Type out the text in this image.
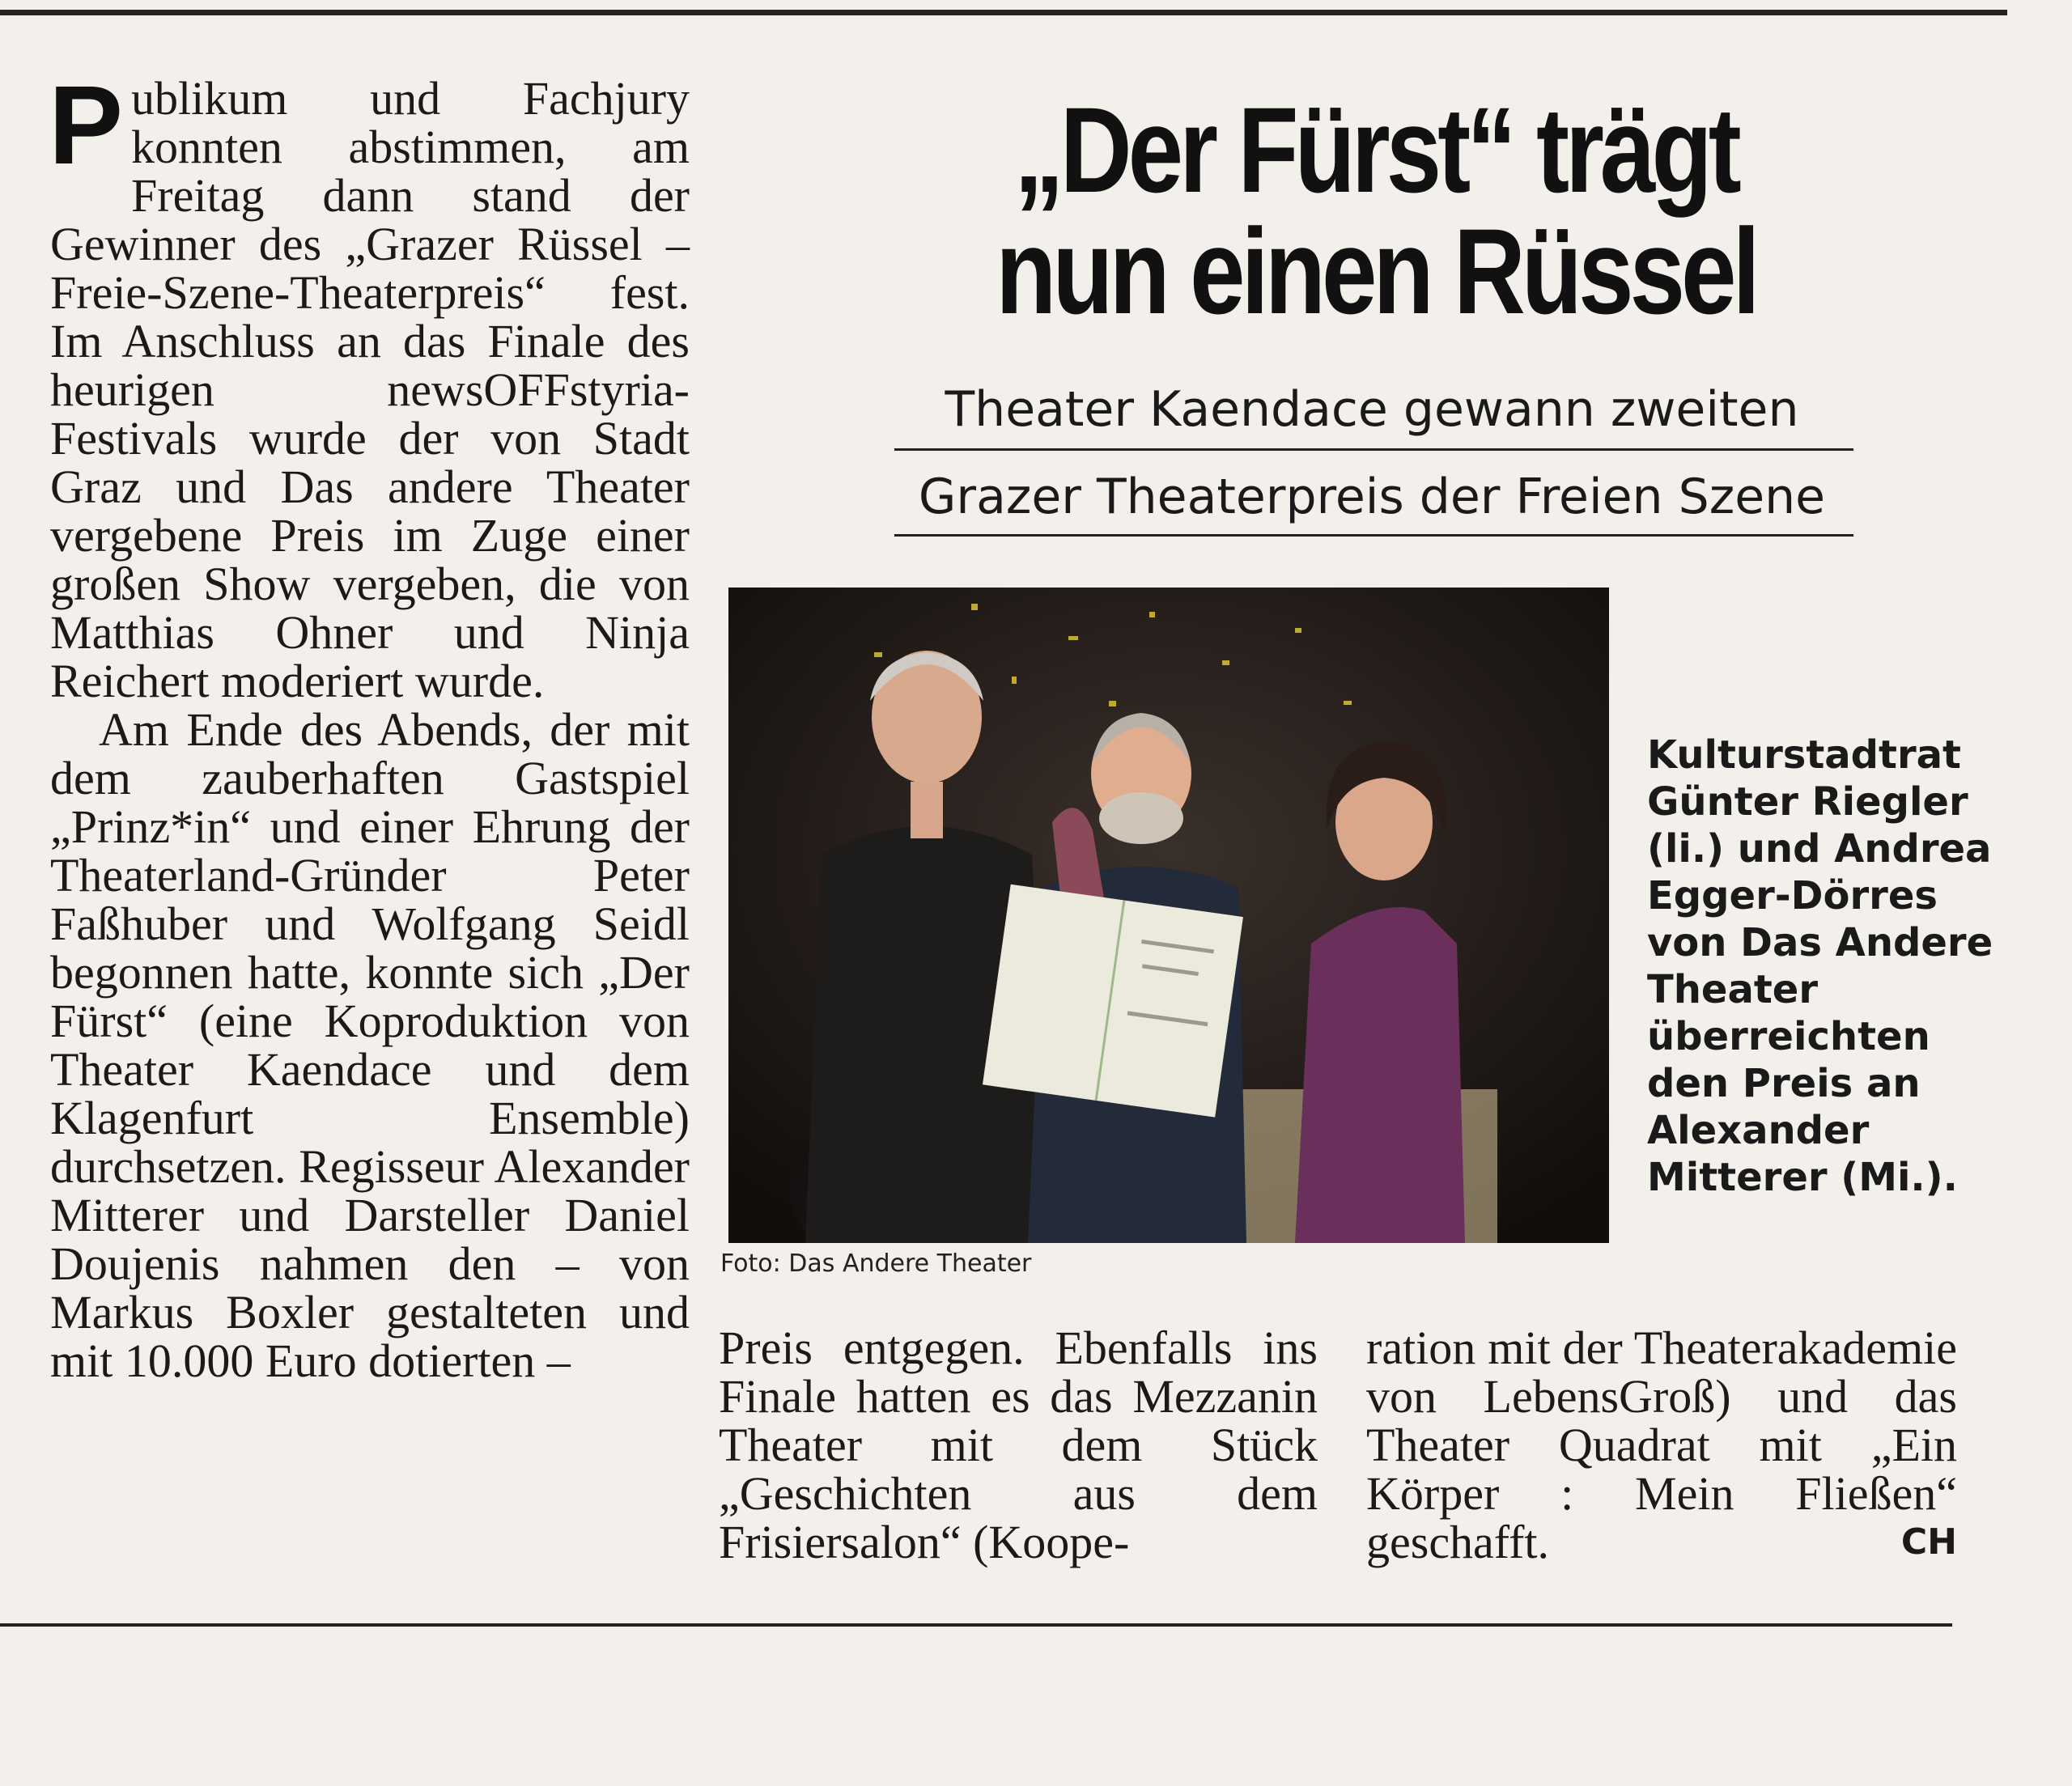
Publikum und Fachjury konnten abstimmen, am Freitag dann stand der Gewinner des „Grazer Rüssel – Freie-Szene-Theaterpreis“ fest. Im Anschluss an das Finale des heurigen newsOFFstyria-Festivals wurde der von Stadt Graz und Das andere Theater vergebene Preis im Zuge einer großen Show vergeben, die von Matthias Ohner und Ninja Reichert moderiert wurde.

Am Ende des Abends, der mit dem zauberhaften Gastspiel „Prinz*in“ und einer Ehrung der Theaterland-Gründer Peter Faßhuber und Wolfgang Seidl begonnen hatte, konnte sich „Der Fürst“ (eine Koproduktion von Theater Kaendace und dem Klagenfurt Ensemble) durchsetzen. Regisseur Alexander Mitterer und Darsteller Daniel Doujenis nahmen den – von Markus Boxler gestalteten und mit 10.000 Euro dotierten –

„Der Fürst“ trägt nun einen Rüssel
Theater Kaendace gewann zweiten
Grazer Theaterpreis der Freien Szene
Foto: Das Andere Theater
Kulturstadtrat Günter Riegler (li.) und Andrea Egger-Dörres von Das Andere Theater überreichten den Preis an Alexander Mitterer (Mi.).

Preis entgegen. Ebenfalls ins Finale hatten es das Mezzanin Theater mit dem Stück „Geschichten aus dem Frisiersalon“ (Koope-

ration mit der Theaterakademie von LebensGroß) und das Theater Quadrat mit „Ein Körper : Mein Fließen“ geschafft.	CH
